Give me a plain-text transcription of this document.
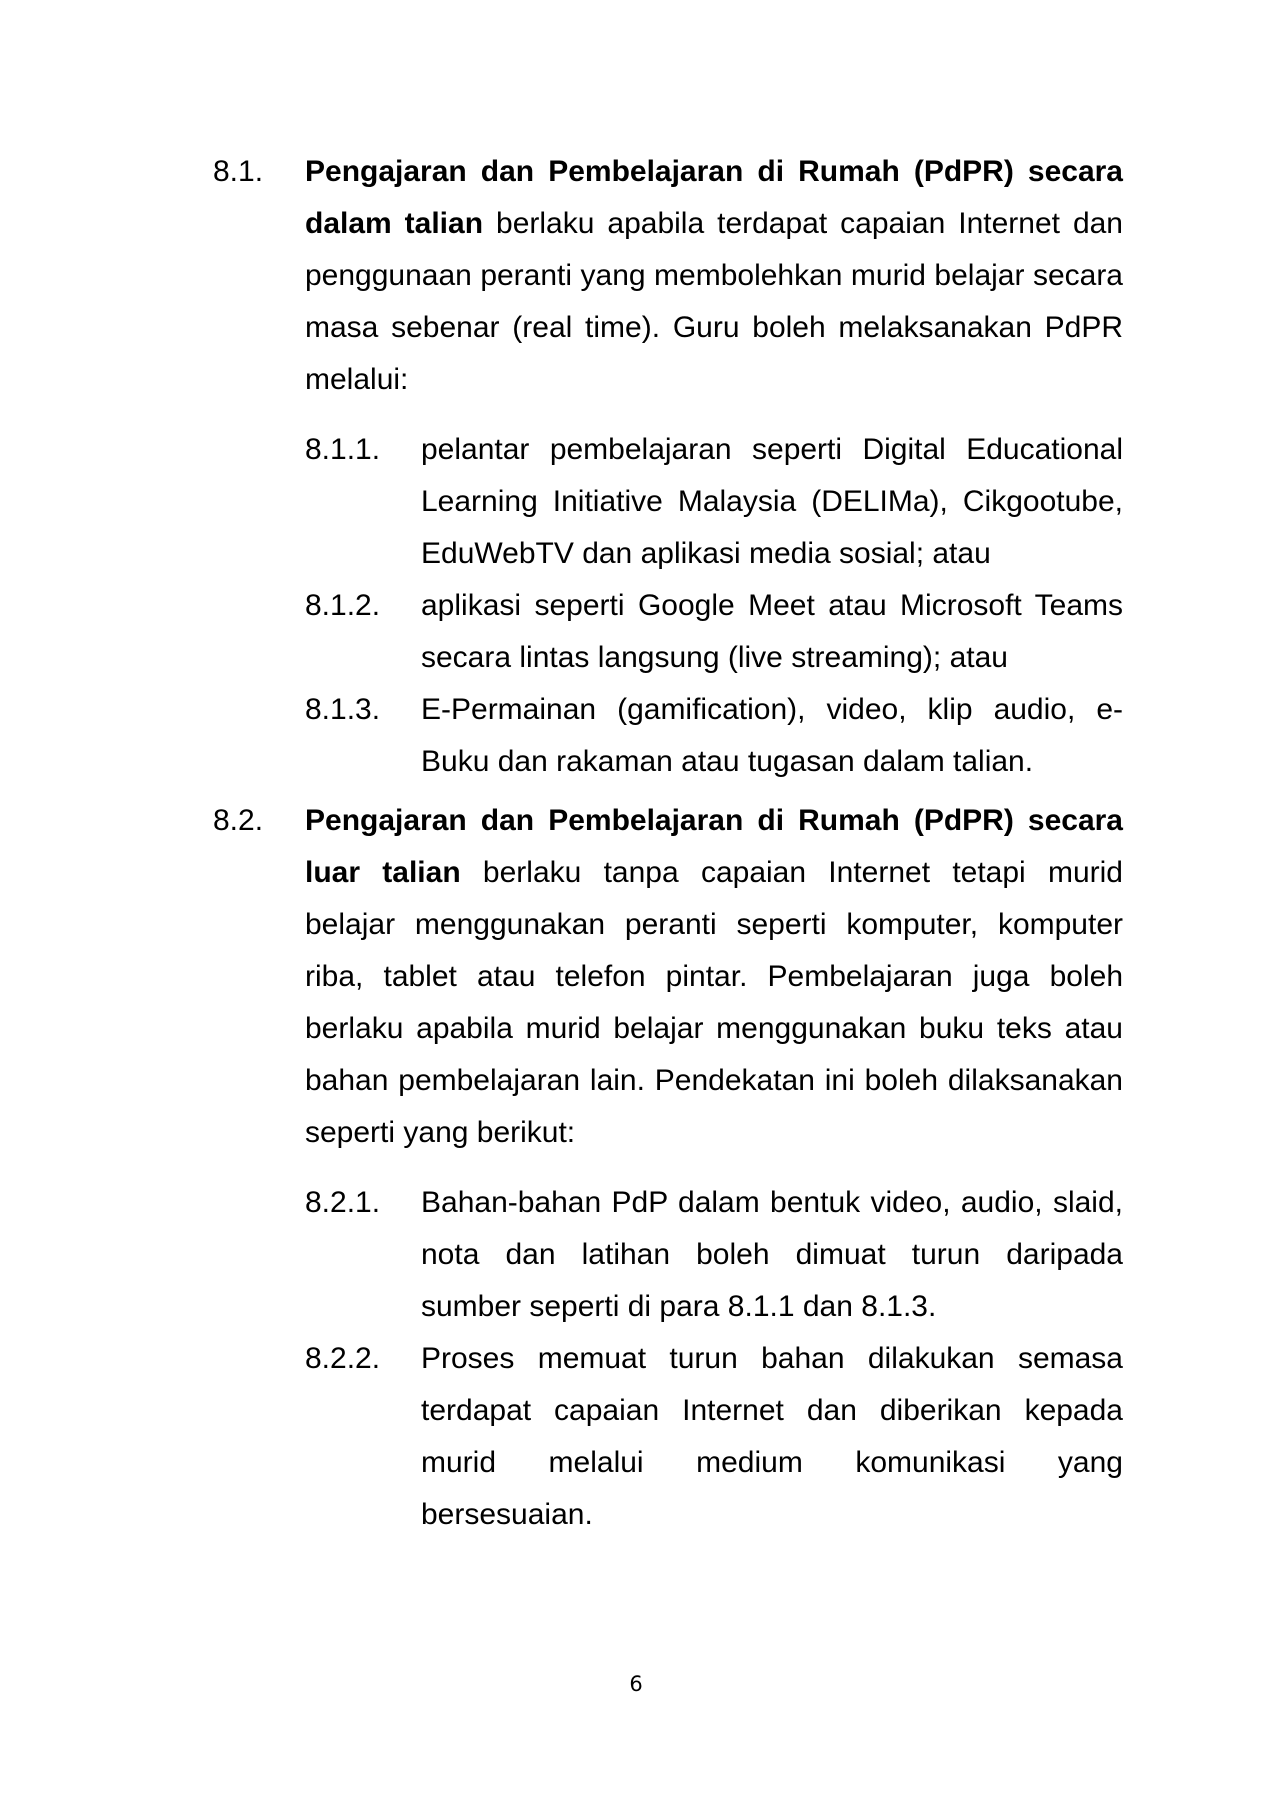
8.1. Pengajaran dan Pembelajaran di Rumah (PdPR) secara dalam talian berlaku apabila terdapat capaian Internet dan penggunaan peranti yang membolehkan murid belajar secara masa sebenar (real time). Guru boleh melaksanakan PdPR melalui:
8.1.1. pelantar pembelajaran seperti Digital Educational Learning Initiative Malaysia (DELIMa), Cikgootube, EduWebTV dan aplikasi media sosial; atau
8.1.2. aplikasi seperti Google Meet atau Microsoft Teams secara lintas langsung (live streaming); atau
8.1.3. E-Permainan (gamification), video, klip audio, e-Buku dan rakaman atau tugasan dalam talian.
8.2. Pengajaran dan Pembelajaran di Rumah (PdPR) secara luar talian berlaku tanpa capaian Internet tetapi murid belajar menggunakan peranti seperti komputer, komputer riba, tablet atau telefon pintar. Pembelajaran juga boleh berlaku apabila murid belajar menggunakan buku teks atau bahan pembelajaran lain. Pendekatan ini boleh dilaksanakan seperti yang berikut:
8.2.1. Bahan-bahan PdP dalam bentuk video, audio, slaid, nota dan latihan boleh dimuat turun daripada sumber seperti di para 8.1.1 dan 8.1.3.
8.2.2. Proses memuat turun bahan dilakukan semasa terdapat capaian Internet dan diberikan kepada murid melalui medium komunikasi yang bersesuaian.
6
